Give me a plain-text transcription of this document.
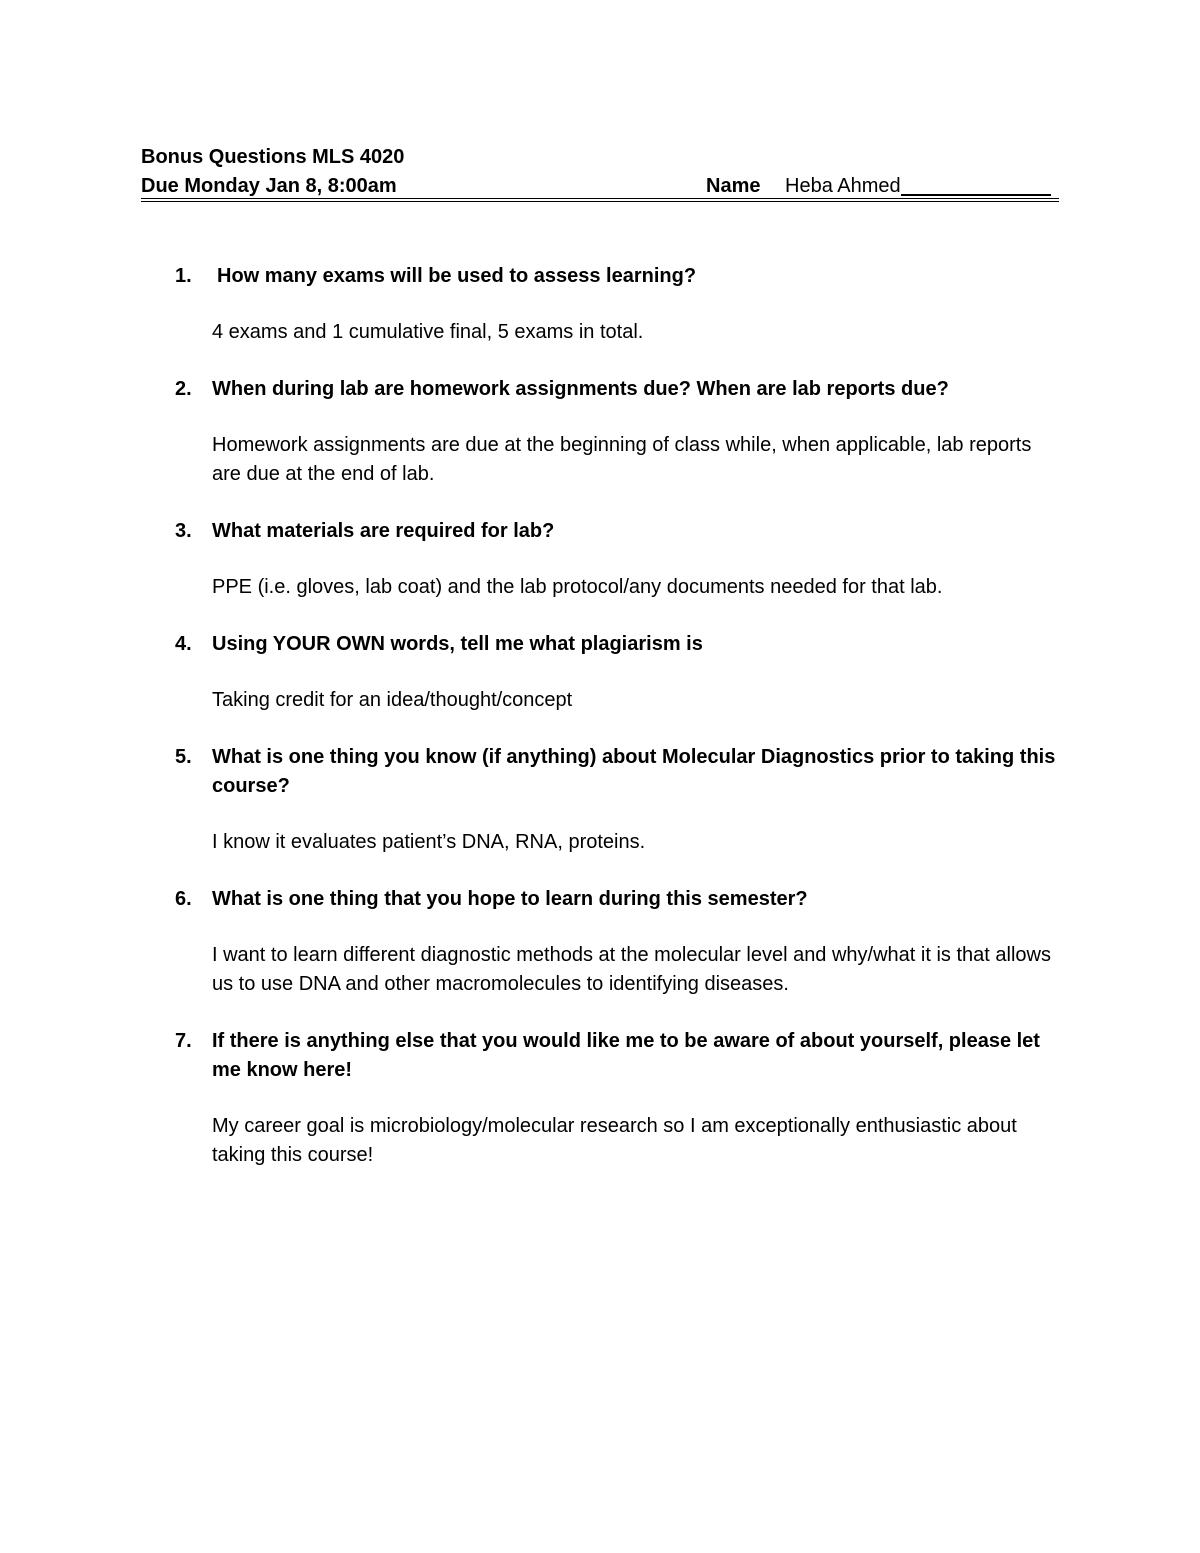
Bonus Questions MLS 4020
Due Monday Jan 8, 8:00am	Name Heba Ahmed
1. How many exams will be used to assess learning?
4 exams and 1 cumulative final, 5 exams in total.
2. When during lab are homework assignments due? When are lab reports due?
Homework assignments are due at the beginning of class while, when applicable, lab reports are due at the end of lab.
3. What materials are required for lab?
PPE (i.e. gloves, lab coat) and the lab protocol/any documents needed for that lab.
4. Using YOUR OWN words, tell me what plagiarism is
Taking credit for an idea/thought/concept
5. What is one thing you know (if anything) about Molecular Diagnostics prior to taking this course?
I know it evaluates patient’s DNA, RNA, proteins.
6. What is one thing that you hope to learn during this semester?
I want to learn different diagnostic methods at the molecular level and why/what it is that allows us to use DNA and other macromolecules to identifying diseases.
7. If there is anything else that you would like me to be aware of about yourself, please let me know here!
My career goal is microbiology/molecular research so I am exceptionally enthusiastic about taking this course!
